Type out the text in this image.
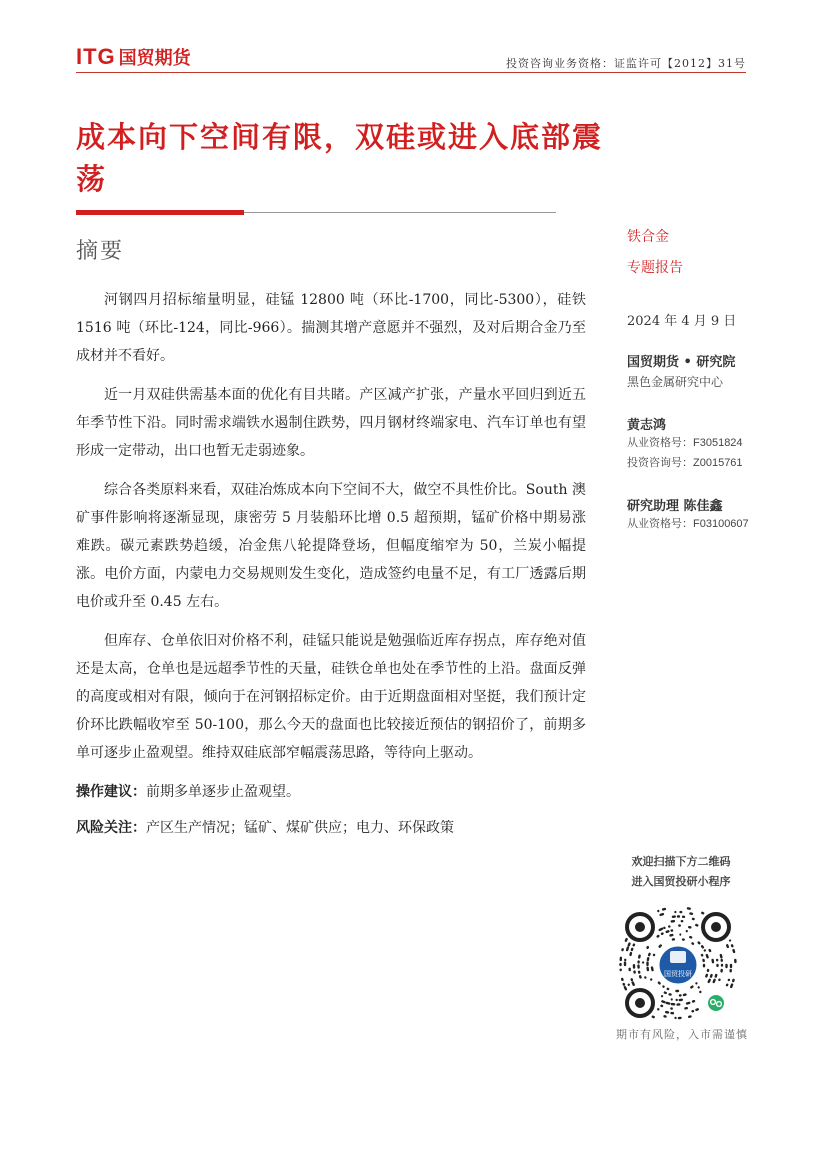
ITG 国贸期货	投资咨询业务资格：证监许可【2012】31号
成本向下空间有限，双硅或进入底部震荡
摘要

河钢四月招标缩量明显，硅锰 12800 吨（环比-1700，同比-5300），硅铁 1516 吨（环比-124，同比-966）。揣测其增产意愿并不强烈，及对后期合金乃至成材并不看好。

近一月双硅供需基本面的优化有目共睹。产区减产扩张，产量水平回归到近五年季节性下沿。同时需求端铁水遏制住跌势，四月钢材终端家电、汽车订单也有望形成一定带动，出口也暂无走弱迹象。

综合各类原料来看，双硅冶炼成本向下空间不大，做空不具性价比。South 澳矿事件影响将逐渐显现，康密劳 5 月装船环比增 0.5 超预期，锰矿价格中期易涨难跌。碳元素跌势趋缓，冶金焦八轮提降登场，但幅度缩窄为 50，兰炭小幅提涨。电价方面，内蒙电力交易规则发生变化，造成签约电量不足，有工厂透露后期电价或升至 0.45 左右。

但库存、仓单依旧对价格不利，硅锰只能说是勉强临近库存拐点，库存绝对值还是太高，仓单也是远超季节性的天量，硅铁仓单也处在季节性的上沿。盘面反弹的高度或相对有限，倾向于在河钢招标定价。由于近期盘面相对坚挺，我们预计定价环比跌幅收窄至 50-100，那么今天的盘面也比较接近预估的钢招价了，前期多单可逐步止盈观望。维持双硅底部窄幅震荡思路，等待向上驱动。

操作建议：前期多单逐步止盈观望。
风险关注：产区生产情况；锰矿、煤矿供应；电力、环保政策
铁合金
专题报告
2024 年 4 月 9 日
国贸期货 • 研究院
黑色金属研究中心
黄志鸿
从业资格号：F3051824
投资咨询号：Z0015761
研究助理 陈佳鑫
从业资格号：F03100607
欢迎扫描下方二维码
进入国贸投研小程序
国贸投研
期市有风险，入市需谨慎
